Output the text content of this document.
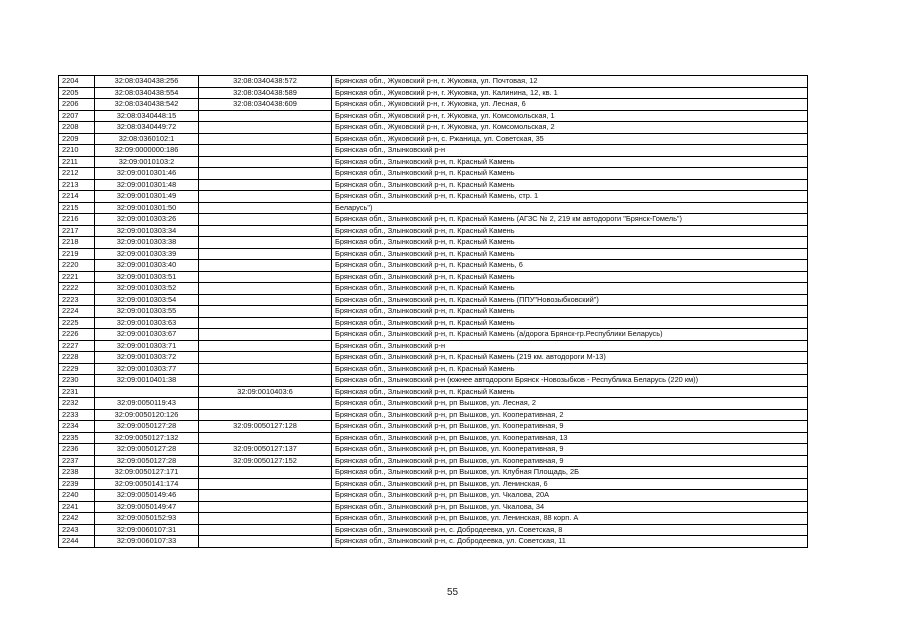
2204	32:08:0340438:256	32:08:0340438:572	Брянская обл., Жуковский р-н, г. Жуковка, ул. Почтовая, 12
2205	32:08:0340438:554	32:08:0340438:589	Брянская обл., Жуковский р-н, г. Жуковка, ул. Калинина, 12, кв. 1
2206	32:08:0340438:542	32:08:0340438:609	Брянская обл., Жуковский р-н, г. Жуковка, ул. Лесная, 6
2207	32:08:0340448:15		Брянская обл., Жуковский р-н, г. Жуковка, ул. Комсомольская, 1
2208	32:08:0340449:72		Брянская обл., Жуковский р-н, г. Жуковка, ул. Комсомольская, 2
2209	32:08:0360102:1		Брянская обл., Жуковский р-н, с. Ржаница, ул. Советская, 35
2210	32:09:0000000:186		Брянская обл., Злынковский р-н
2211	32:09:0010103:2		Брянская обл., Злынковский р-н, п. Красный Камень
2212	32:09:0010301:46		Брянская обл., Злынковский р-н, п. Красный Камень
2213	32:09:0010301:48		Брянская обл., Злынковский р-н, п. Красный Камень
2214	32:09:0010301:49		Брянская обл., Злынковский р-н, п. Красный Камень, стр. 1
2215	32:09:0010301:50		Беларусь")
2216	32:09:0010303:26		Брянская обл., Злынковский р-н, п. Красный Камень (АГЗС № 2, 219 км автодороги "Брянск-Гомель")
2217	32:09:0010303:34		Брянская обл., Злынковский р-н, п. Красный Камень
2218	32:09:0010303:38		Брянская обл., Злынковский р-н, п. Красный Камень
2219	32:09:0010303:39		Брянская обл., Злынковский р-н, п. Красный Камень
2220	32:09:0010303:40		Брянская обл., Злынковский р-н, п. Красный Камень, 6
2221	32:09:0010303:51		Брянская обл., Злынковский р-н, п. Красный Камень
2222	32:09:0010303:52		Брянская обл., Злынковский р-н, п. Красный Камень
2223	32:09:0010303:54		Брянская обл., Злынковский р-н, п. Красный Камень (ППУ"Новозыбковский")
2224	32:09:0010303:55		Брянская обл., Злынковский р-н, п. Красный Камень
2225	32:09:0010303:63		Брянская обл., Злынковский р-н, п. Красный Камень
2226	32:09:0010303:67		Брянская обл., Злынковский р-н, п. Красный Камень (а/дорога Брянск-гр.Республики Беларусь)
2227	32:09:0010303:71		Брянская обл., Злынковский р-н
2228	32:09:0010303:72		Брянская обл., Злынковский р-н, п. Красный Камень (219 км. автодороги М-13)
2229	32:09:0010303:77		Брянская обл., Злынковский р-н, п. Красный Камень
2230	32:09:0010401:38		Брянская обл., Злынковский р-н (южнее автодороги Брянск -Новозыбков - Республика Беларусь (220 км))
2231		32:09:0010403:6	Брянская обл., Злынковский р-н, п. Красный Камень
2232	32:09:0050119:43		Брянская обл., Злынковский р-н, рп Вышков, ул. Лесная, 2
2233	32:09:0050120:126		Брянская обл., Злынковский р-н, рп Вышков, ул. Кооперативная, 2
2234	32:09:0050127:28	32:09:0050127:128	Брянская обл., Злынковский р-н, рп Вышков, ул. Кооперативная, 9
2235	32:09:0050127:132		Брянская обл., Злынковский р-н, рп Вышков, ул. Кооперативная, 13
2236	32:09:0050127:28	32:09:0050127:137	Брянская обл., Злынковский р-н, рп Вышков, ул. Кооперативная, 9
2237	32:09:0050127:28	32:09:0050127:152	Брянская обл., Злынковский р-н, рп Вышков, ул. Кооперативная, 9
2238	32:09:0050127:171		Брянская обл., Злынковский р-н, рп Вышков, ул. Клубная Площадь, 2Б
2239	32:09:0050141:174		Брянская обл., Злынковский р-н, рп Вышков, ул. Ленинская, 6
2240	32:09:0050149:46		Брянская обл., Злынковский р-н, рп Вышков, ул. Чкалова, 20А
2241	32:09:0050149:47		Брянская обл., Злынковский р-н, рп Вышков, ул. Чкалова, 34
2242	32:09:0050152:93		Брянская обл., Злынковский р-н, рп Вышков, ул. Ленинская, 88 корп. А
2243	32:09:0060107:31		Брянская обл., Злынковский р-н, с. Добродеевка, ул. Советская, 8
2244	32:09:0060107:33		Брянская обл., Злынковский р-н, с. Добродеевка, ул. Советская, 11
55
